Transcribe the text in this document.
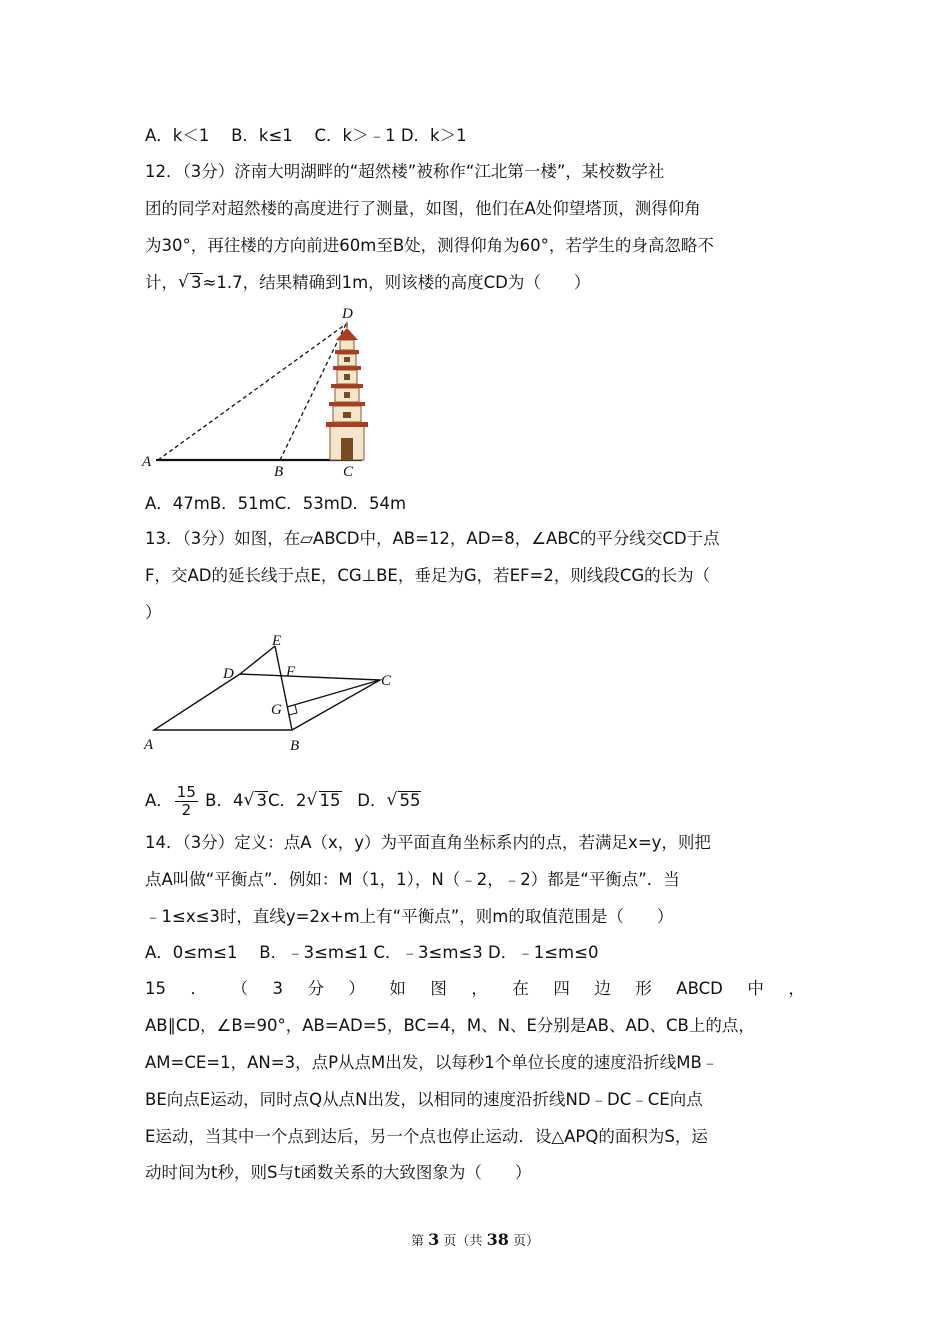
A．k＜1　 B．k≤1　 C．k＞﹣1 D．k＞1
12．（3分）济南大明湖畔的“超然楼”被称作“江北第一楼”，某校数学社
团的同学对超然楼的高度进行了测量，如图，他们在A处仰望塔顶，测得仰角
为30°，再往楼的方向前进60m至B处，测得仰角为60°，若学生的身高忽略不
计， √ 3≈1.7，结果精确到1m，则该楼的高度CD为（　　）
A
B	C
D
A．47mB．51mC．53mD．54m
13．（3分）如图，在▱ABCD中，AB=12，AD=8，∠ABC的平分线交CD于点
F，交AD的延长线于点E，CG⊥BE，垂足为G，若EF=2，则线段CG的长为（
）
A	B
C
D
E
F
G
A． $\frac{15}{2}$ B．4 √ 3C．2 √ 15 D． √ 55
14．（3分）定义：点A（x，y）为平面直角坐标系内的点，若满足x=y，则把
点A叫做“平衡点”．例如：M（1，1），N（﹣2，﹣2）都是“平衡点”．当
﹣1≤x≤3时，直线y=2x+m上有“平衡点”，则m的取值范围是（　　）
A．0≤m≤1　 B．﹣3≤m≤1 C．﹣3≤m≤3 D．﹣1≤m≤0
15 ． （ 3 分 ） 如 图 ， 在 四 边 形 ABCD 中 ，
AB∥CD，∠B=90°，AB=AD=5，BC=4，M、N、E分别是AB、AD、CB上的点，
AM=CE=1，AN=3，点P从点M出发，以每秒1个单位长度的速度沿折线MB﹣
BE向点E运动，同时点Q从点N出发，以相同的速度沿折线ND﹣DC﹣CE向点
E运动，当其中一个点到达后，另一个点也停止运动．设△APQ的面积为S，运
动时间为t秒，则S与t函数关系的大致图象为（　　）
第 3 页（共 38 页）
